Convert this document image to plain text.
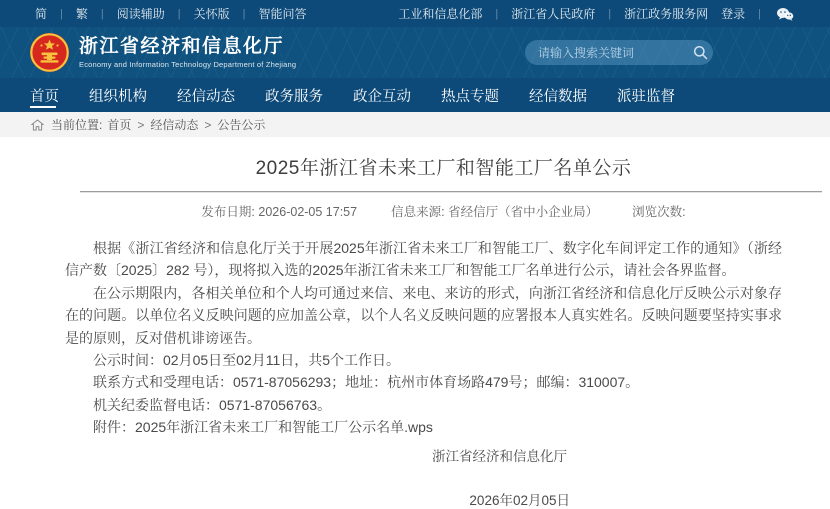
简 | 繁 | 阅读辅助 | 关怀版 | 智能问答	工业和信息化部 | 浙江省人民政府 | 浙江政务服务网 登录 |
浙江省经济和信息化厅
Economy and Information Technology Department of Zhejiang
请输入搜索关键词
首页	组织机构	经信动态	政务服务	政企互动	热点专题	经信数据	派驻监督
当前位置: 首页 > 经信动态 > 公告公示
2025年浙江省未来工厂和智能工厂名单公示
发布日期: 2026-02-05 17:57	信息来源: 省经信厅（省中小企业局）	浏览次数:

根据《浙江省经济和信息化厅关于开展2025年浙江省未来工厂和智能工厂、数字化车间评定工作的通知》（浙经信产数〔2025〕282 号），现将拟入选的2025年浙江省未来工厂和智能工厂名单进行公示，请社会各界监督。

在公示期限内，各相关单位和个人均可通过来信、来电、来访的形式，向浙江省经济和信息化厅反映公示对象存在的问题。以单位名义反映问题的应加盖公章，以个人名义反映问题的应署报本人真实姓名。反映问题要坚持实事求是的原则，反对借机诽谤诬告。

公示时间：02月05日至02月11日，共5个工作日。

联系方式和受理电话：0571-87056293；地址：杭州市体育场路479号；邮编：310007。

机关纪委监督电话：0571-87056763。

附件：2025年浙江省未来工厂和智能工厂公示名单.wps

浙江省经济和信息化厅
2026年02月05日
